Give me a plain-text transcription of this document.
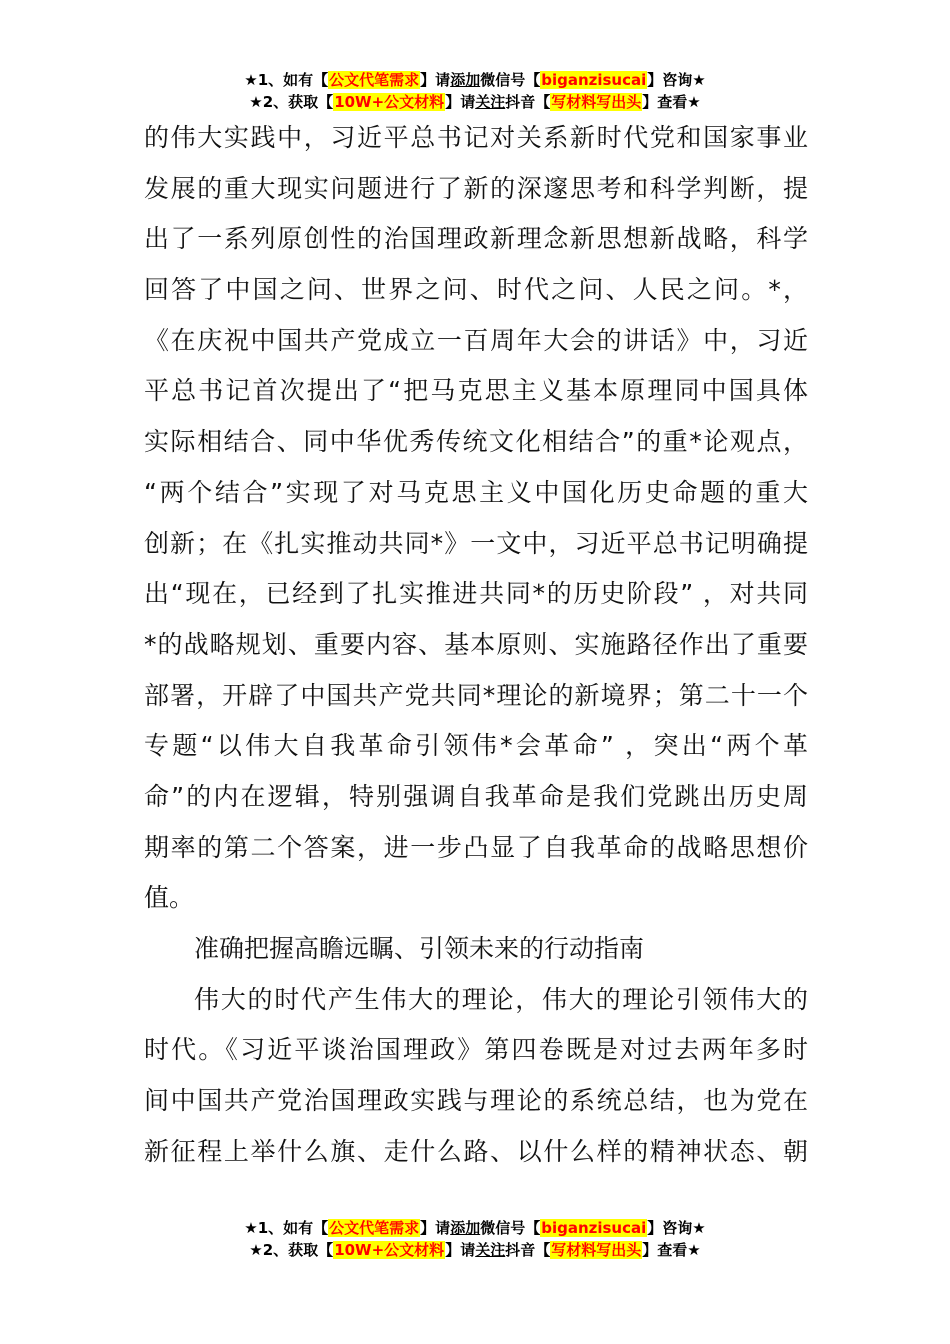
★1、如有【公文代笔需求】请添加微信号【biganzisucai】咨询★
★2、获取【10W+公文材料】请关注抖音【写材料写出头】查看★
的伟大实践中，习近平总书记对关系新时代党和国家事业
发展的重大现实问题进行了新的深邃思考和科学判断，提
出了一系列原创性的治国理政新理念新思想新战略，科学
回答了中国之问、世界之问、时代之问、人民之问。*，
《在庆祝中国共产党成立一百周年大会的讲话》中，习近
平总书记首次提出了“把马克思主义基本原理同中国具体
实际相结合、同中华优秀传统文化相结合”的重*论观点，
“两个结合”实现了对马克思主义中国化历史命题的重大
创新；在《扎实推动共同*》一文中，习近平总书记明确提
出“现在，已经到了扎实推进共同*的历史阶段” ，对共同
*的战略规划、重要内容、基本原则、实施路径作出了重要
部署，开辟了中国共产党共同*理论的新境界；第二十一个
专题“以伟大自我革命引领伟*会革命” ，突出“两个革
命”的内在逻辑，特别强调自我革命是我们党跳出历史周
期率的第二个答案，进一步凸显了自我革命的战略思想价
值。
准确把握高瞻远瞩、引领未来的行动指南
伟大的时代产生伟大的理论，伟大的理论引领伟大的
时代。《习近平谈治国理政》第四卷既是对过去两年多时
间中国共产党治国理政实践与理论的系统总结，也为党在
新征程上举什么旗、走什么路、以什么样的精神状态、朝
★1、如有【公文代笔需求】请添加微信号【biganzisucai】咨询★
★2、获取【10W+公文材料】请关注抖音【写材料写出头】查看★
